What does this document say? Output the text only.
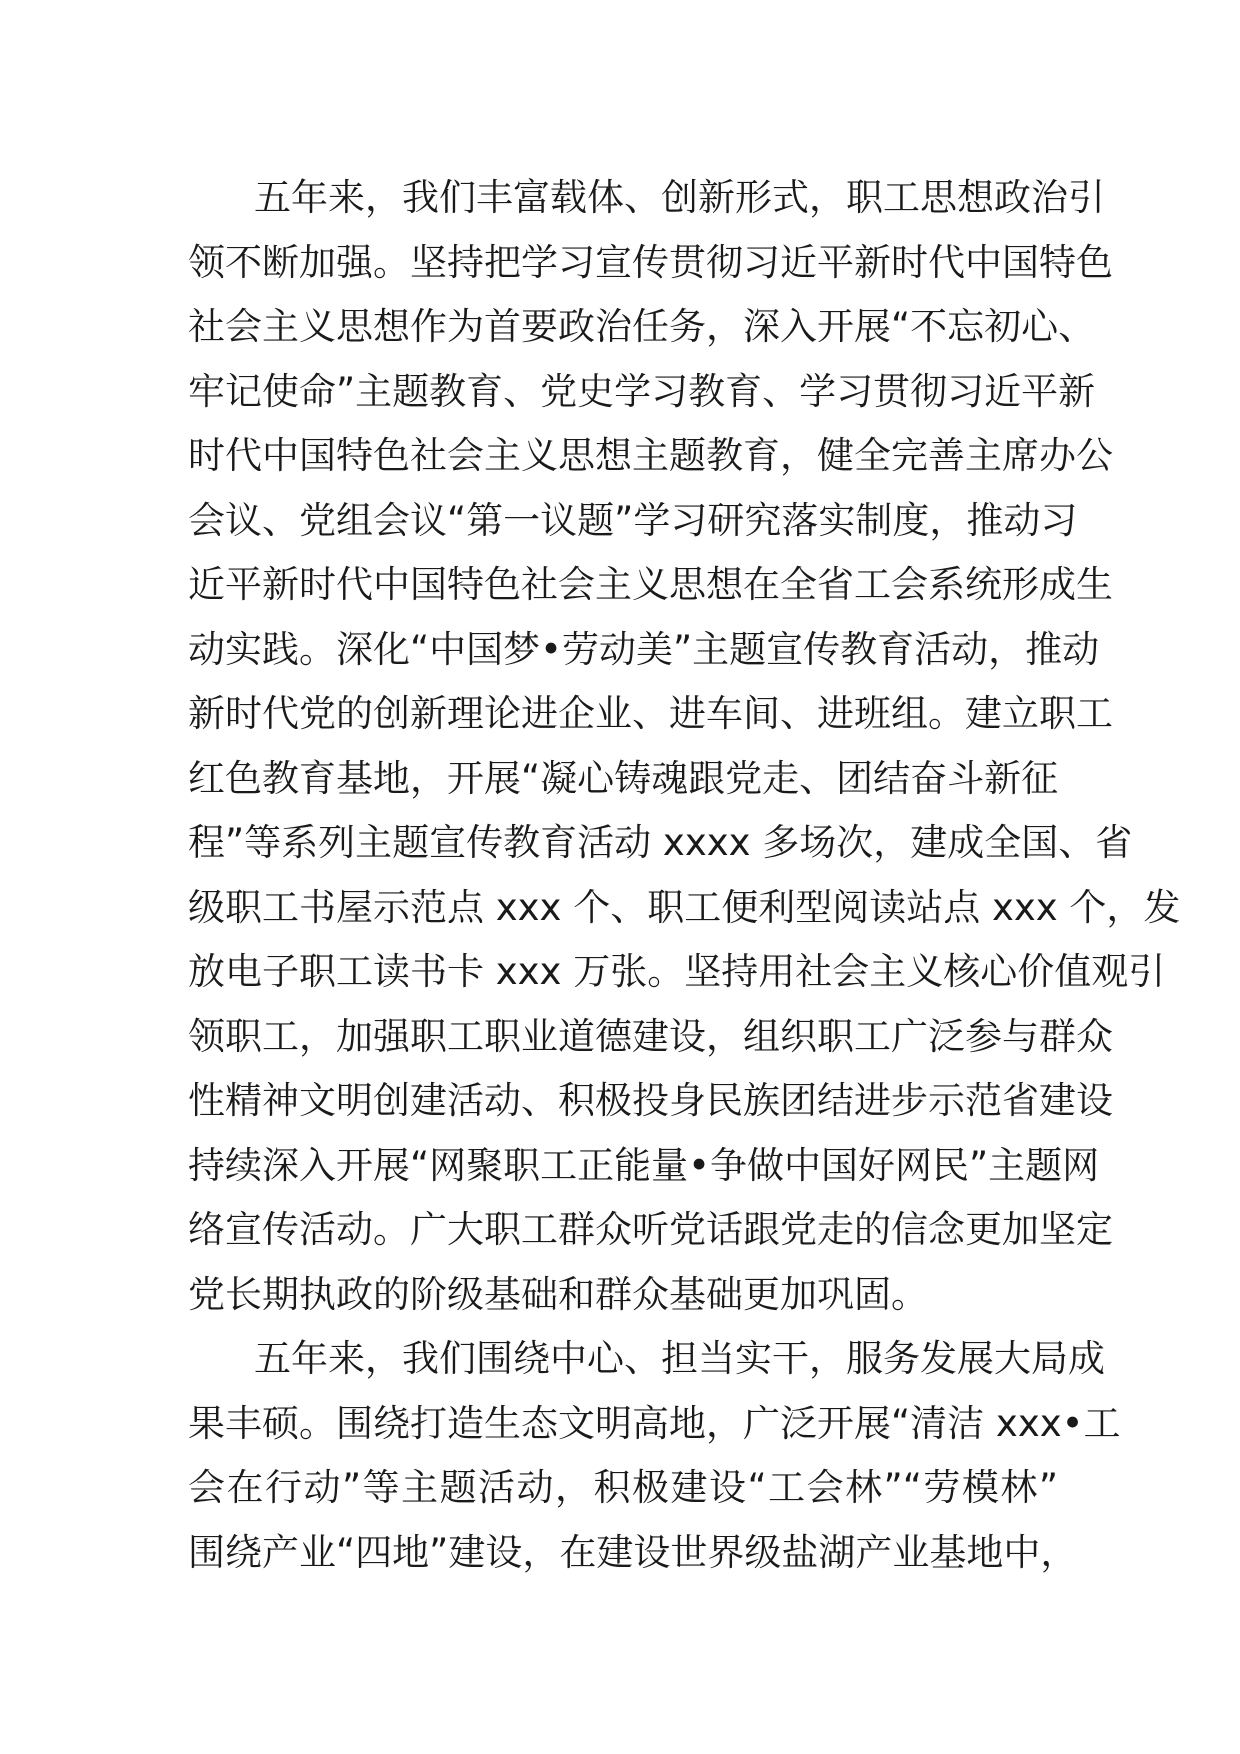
五年来，我们丰富载体、创新形式，职工思想政治引
领不断加强。坚持把学习宣传贯彻习近平新时代中国特色
社会主义思想作为首要政治任务，深入开展“不忘初心、
牢记使命”主题教育、党史学习教育、学习贯彻习近平新
时代中国特色社会主义思想主题教育，健全完善主席办公
会议、党组会议“第一议题”学习研究落实制度，推动习
近平新时代中国特色社会主义思想在全省工会系统形成生
动实践。深化“中国梦•劳动美”主题宣传教育活动，推动
新时代党的创新理论进企业、进车间、进班组。建立职工
红色教育基地，开展“凝心铸魂跟党走、团结奋斗新征
程”等系列主题宣传教育活动 xxxx 多场次，建成全国、省
级职工书屋示范点 xxx 个、职工便利型阅读站点 xxx 个，发
放电子职工读书卡 xxx 万张。坚持用社会主义核心价值观引
领职工，加强职工职业道德建设，组织职工广泛参与群众
性精神文明创建活动、积极投身民族团结进步示范省建设
持续深入开展“网聚职工正能量•争做中国好网民”主题网
络宣传活动。广大职工群众听党话跟党走的信念更加坚定
党长期执政的阶级基础和群众基础更加巩固。
五年来，我们围绕中心、担当实干，服务发展大局成
果丰硕。围绕打造生态文明高地，广泛开展“清洁 xxx•工
会在行动”等主题活动，积极建设“工会林”“劳模林”
围绕产业“四地”建设，在建设世界级盐湖产业基地中，
